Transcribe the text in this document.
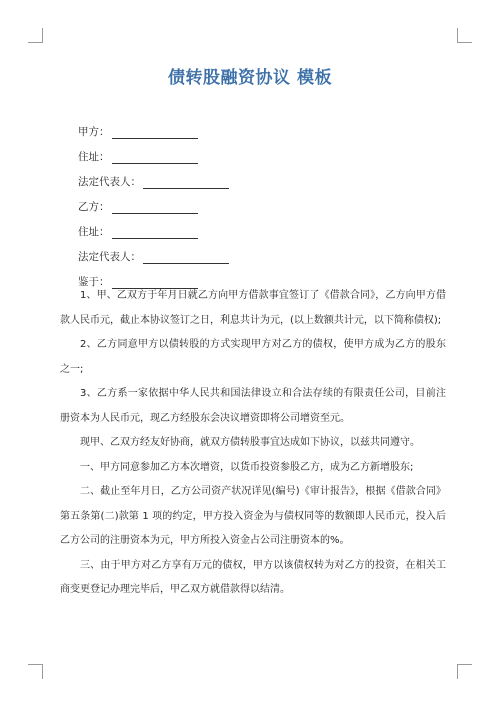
债转股融资协议 模板
甲方：
住址：
法定代表人：
乙方：
住址：
法定代表人：
鉴于：

1、甲、乙双方于年月日就乙方向甲方借款事宜签订了《借款合同》，乙方向甲方借款人民币元，截止本协议签订之日，利息共计为元，(以上数额共计元，以下简称债权);

2、乙方同意甲方以债转股的方式实现甲方对乙方的债权，使甲方成为乙方的股东之一;

3、乙方系一家依据中华人民共和国法律设立和合法存续的有限责任公司，目前注册资本为人民币元，现乙方经股东会决议增资即将公司增资至元。

现甲、乙双方经友好协商，就双方债转股事宜达成如下协议，以兹共同遵守。

一、甲方同意参加乙方本次增资，以货币投资参股乙方，成为乙方新增股东;

二、截止至年月日，乙方公司资产状况详见(编号)《审计报告》，根据《借款合同》第五条第(二)款第 1 项的约定，甲方投入资金为与债权同等的数额即人民币元，投入后乙方公司的注册资本为元，甲方所投入资金占公司注册资本的%。

三、由于甲方对乙方享有万元的债权，甲方以该债权转为对乙方的投资，在相关工商变更登记办理完毕后，甲乙双方就借款得以结清。
